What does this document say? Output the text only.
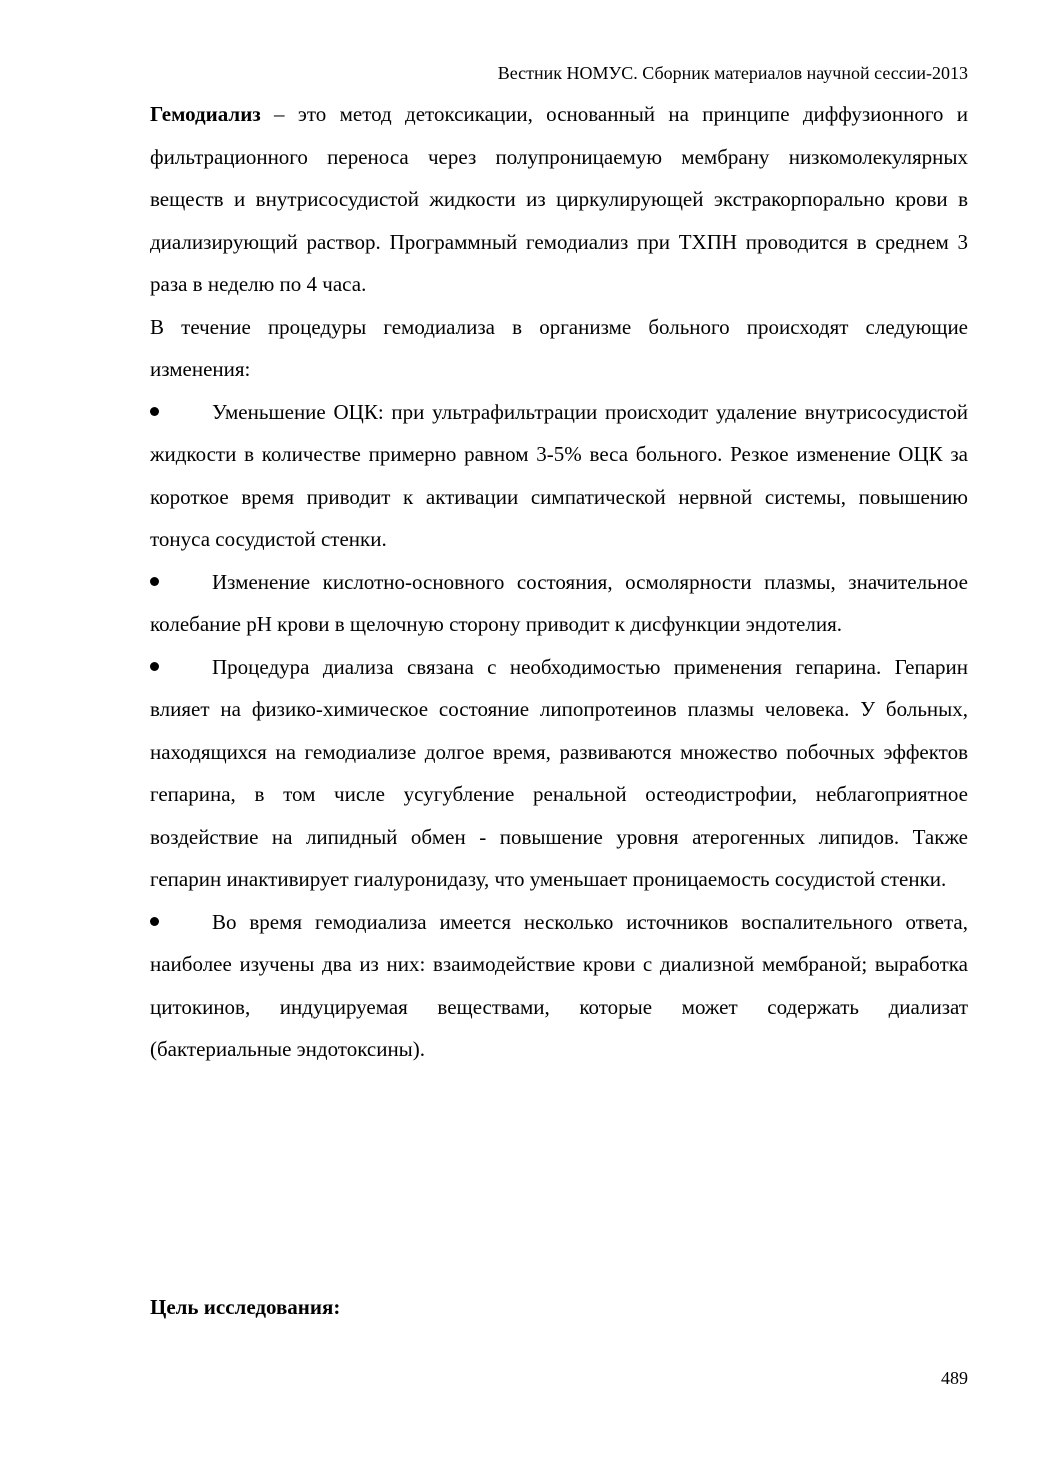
Вестник НОМУС. Сборник материалов научной сессии-2013

Гемодиализ – это метод детоксикации, основанный на принципе диффузионного и фильтрационного переноса через полупроницаемую мембрану низкомолекулярных веществ и внутрисосудистой жидкости из циркулирующей экстракорпорально крови в диализирующий раствор. Программный гемодиализ при ТХПН проводится в среднем 3 раза в неделю по 4 часа.

В течение процедуры гемодиализа в организме больного происходят следующие изменения:

Уменьшение ОЦК: при ультрафильтрации происходит удаление внутрисосудистой жидкости в количестве примерно равном 3-5% веса больного. Резкое изменение ОЦК за короткое время приводит к активации симпатической нервной системы, повышению тонуса сосудистой стенки.

Изменение кислотно-основного состояния, осмолярности плазмы, значительное колебание pH крови в щелочную сторону приводит к дисфункции эндотелия.

Процедура диализа связана с необходимостью применения гепарина. Гепарин влияет на физико-химическое состояние липопротеинов плазмы человека. У больных, находящихся на гемодиализе долгое время, развиваются множество побочных эффектов гепарина, в том числе усугубление ренальной остеодистрофии, неблагоприятное воздействие на липидный обмен - повышение уровня атерогенных липидов. Также гепарин инактивирует гиалуронидазу, что уменьшает проницаемость сосудистой стенки.

Во время гемодиализа имеется несколько источников воспалительного ответа, наиболее изучены два из них: взаимодействие крови с диализной мембраной; выработка цитокинов, индуцируемая веществами, которые может содержать диализат (бактериальные эндотоксины).

Цель исследования:
489
